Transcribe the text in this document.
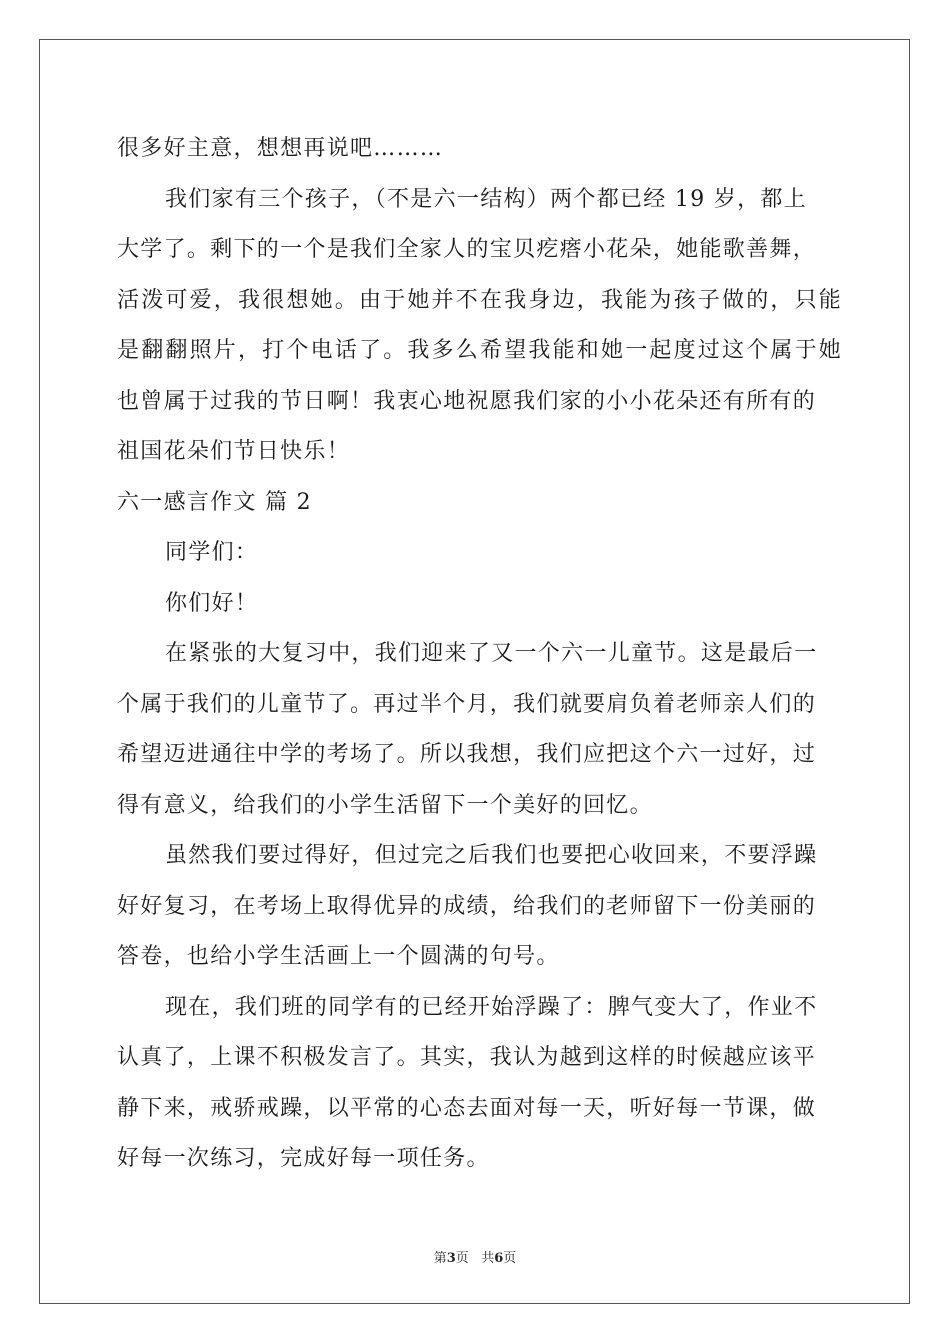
很多好主意，想想再说吧………
我们家有三个孩子，（不是六一结构）两个都已经 19 岁，都上
大学了。剩下的一个是我们全家人的宝贝疙瘩小花朵，她能歌善舞，
活泼可爱，我很想她。由于她并不在我身边，我能为孩子做的，只能
是翻翻照片，打个电话了。我多么希望我能和她一起度过这个属于她
也曾属于过我的节日啊！我衷心地祝愿我们家的小小花朵还有所有的
祖国花朵们节日快乐！
六一感言作文 篇 2
同学们：
你们好！
在紧张的大复习中，我们迎来了又一个六一儿童节。这是最后一
个属于我们的儿童节了。再过半个月，我们就要肩负着老师亲人们的
希望迈进通往中学的考场了。所以我想，我们应把这个六一过好，过
得有意义，给我们的小学生活留下一个美好的回忆。
虽然我们要过得好，但过完之后我们也要把心收回来，不要浮躁
好好复习，在考场上取得优异的成绩，给我们的老师留下一份美丽的
答卷，也给小学生活画上一个圆满的句号。
现在，我们班的同学有的已经开始浮躁了：脾气变大了，作业不
认真了，上课不积极发言了。其实，我认为越到这样的时候越应该平
静下来，戒骄戒躁，以平常的心态去面对每一天，听好每一节课，做
好每一次练习，完成好每一项任务。
第3页 共6页
